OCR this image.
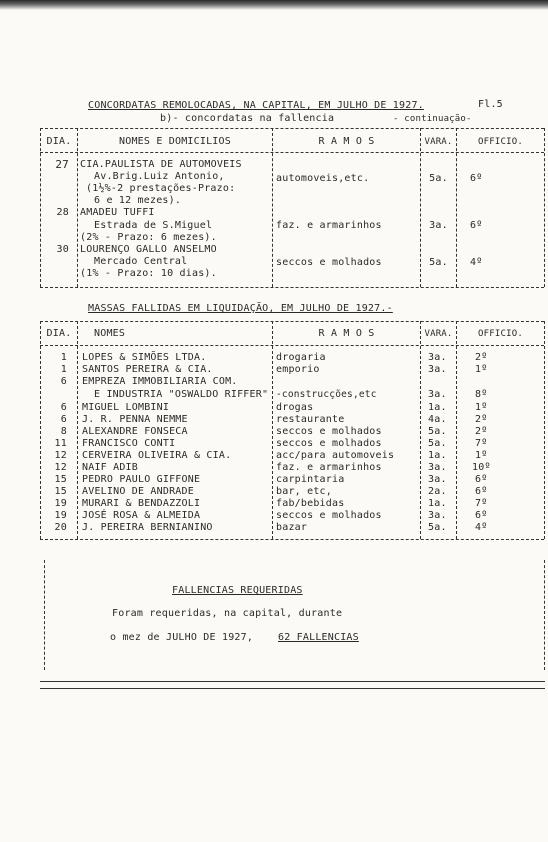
CONCORDATAS REMOLOCADAS, NA CAPITAL, EM JULHO DE 1927.	Fl.5
b)- concordatas na fallencia	- continuação-
DIA.	NOMES E DOMICILIOS	R A M O S	VARA.	OFFICIO.
27 CIA.PAULISTA DE AUTOMOVEIS
Av.Brig.Luiz Antonio,
(1½%-2 prestações-Prazo:
6 e 12 mezes).
automoveis,etc.	5a.	6º
28 AMADEU TUFFI
Estrada de S.Miguel
(2% - Prazo: 6 mezes).
faz. e armarinhos	3a.	6º
30 LOURENÇO GALLO ANSELMO
Mercado Central
(1% - Prazo: 10 dias).
seccos e molhados	5a.	4º
MASSAS FALLIDAS EM LIQUIDAÇÃO, EM JULHO DE 1927.-
DIA.	NOMES	R A M O S	VARA.	OFFICIO.
1 LOPES & SIMÕES LTDA.	drogaria	3a.	2º
1 SANTOS PEREIRA & CIA.	emporio	3a.	1º
6 EMPREZA IMMOBILIARIA COM.
E INDUSTRIA "OSWALDO RIFFER" -construcções,etc	3a.	8º
6 MIGUEL LOMBINI	drogas	1a.	1º
6 J. R. PENNA NEMME	restaurante	4a.	2º
8 ALEXANDRE FONSECA	seccos e molhados	5a.	2º
11 FRANCISCO CONTI	seccos e molhados	5a.	7º
12 CERVEIRA OLIVEIRA & CIA.	acc/para automoveis	1a.	1º
12 NAIF ADIB	faz. e armarinhos	3a.	10º
15 PEDRO PAULO GIFFONE	carpintaria	3a.	6º
15 AVELINO DE ANDRADE	bar, etc,	2a.	6º
19 MURARI & BENDAZZOLI	fab/bebidas	1a.	7º
19 JOSÉ ROSA & ALMEIDA	seccos e molhados	3a.	6º
20 J. PEREIRA BERNIANINO	bazar	5a.	4º
FALLENCIAS REQUERIDAS
Foram requeridas, na capital, durante
o mez de JULHO DE 1927, 62 FALLENCIAS
